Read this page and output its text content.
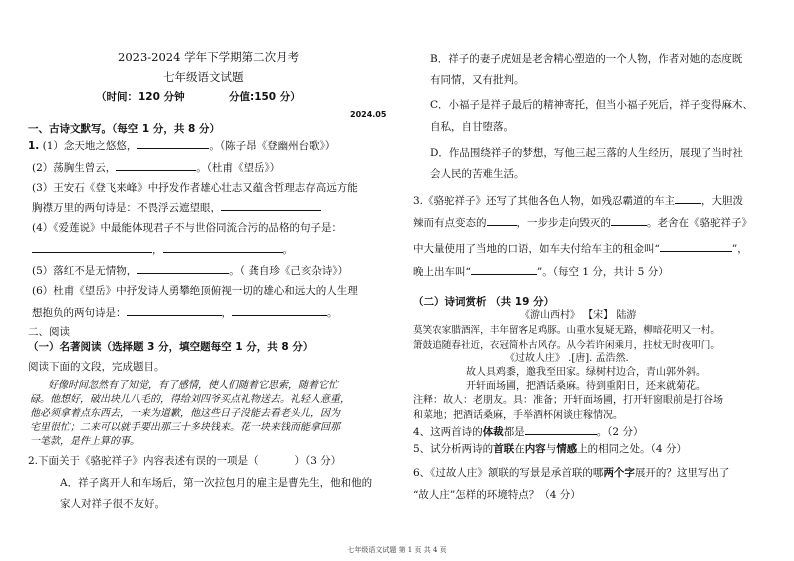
2023-2024 学年下学期第二次月考
七年级语文试题
（时间：120 分钟	分值:150 分）
2024.05
一、古诗文默写。（每空 1 分，共 8 分）
1. (1）念天地之悠悠，	。（陈子昂《登幽州台歌》）
(2）荡胸生曾云，	。（杜甫《望岳》）
(3）王安石《登飞来峰》中抒发作者雄心壮志又蕴含哲理志存高远方能
胸襟万里的两句诗是：不畏浮云遮望眼，
(4）《爱莲说》中最能体现君子不与世俗同流合污的品格的句子是：
，	。
(5）落红不是无情物，	。（ 龚自珍《己亥杂诗》）
(6）杜甫《望岳》中抒发诗人勇攀绝顶俯视一切的雄心和远大的人生理
想抱负的两句诗是：	，	。
二、阅读
（一）名著阅读（选择题 3 分，填空题每空 1 分，共 8 分）
阅读下面的文段，完成题目。
好像时间忽然有了知觉，有了感情，使人们随着它思索，随着它忙
碌。他想好，破出块儿八毛的，得给刘四爷买点礼物送去。礼轻人意重，
他必须拿着点东西去，一来为道歉，他这些日子没能去看老头儿，因为
宅里很忙；二来可以就手要出那三十多块钱来。花一块来钱而能拿回那
一笔款，是件上算的事。
2.下面关于《骆驼祥子》内容表述有误的一项是（	）（3 分）
A．祥子离开人和车场后，第一次拉包月的雇主是曹先生，他和他的
家人对祥子很不友好。
B．祥子的妻子虎妞是老舍精心塑造的一个人物，作者对她的态度既
有同情，又有批判。
C．小福子是祥子最后的精神寄托，但当小福子死后，祥子变得麻木、
自私，自甘堕落。
D．作品围绕祥子的梦想，写他三起三落的人生经历，展现了当时社
会人民的苦难生活。
3.《骆驼祥子》还写了其他各色人物，如残忍霸道的车主 ，大胆泼
辣而有点变态的	，一步步走向毁灭的	。老舍在《骆驼祥子》
中大量使用了当地的口语，如车夫付给车主的租金叫“	”，
晚上出车叫“	”。（每空 1 分，共计 5 分）
（二）诗词赏析 （共 19 分）
《游山西村》 【宋】 陆游
莫笑农家腊酒浑，丰年留客足鸡豚。山重水复疑无路，柳暗花明又一村。
箫鼓追随春社近，衣冠简朴古风存。从今若许闲乘月，拄杖无时夜叩门。
《过故人庄》 .[唐]. 孟浩然.
故人具鸡黍，邀我至田家。绿树村边合，青山郭外斜。
开轩面场圃，把酒话桑麻。待到重阳日，还来就菊花。
注释：故人：老朋友。具：准备；开轩面场圃，打开轩窗眼前是打谷场
和菜地；把酒话桑麻，手举酒杯闲谈庄稼情况。
4、这两首诗的体裁都是	。（2 分）
5、试分析两诗的首联在内容与情感上的相同之处。（4 分）
6、《过故人庄》颔联的写景是承首联的哪两个字展开的？这里写出了
“故人庄”怎样的环境特点？（4 分）
七年级语文试题 第 1 页 共 4 页
